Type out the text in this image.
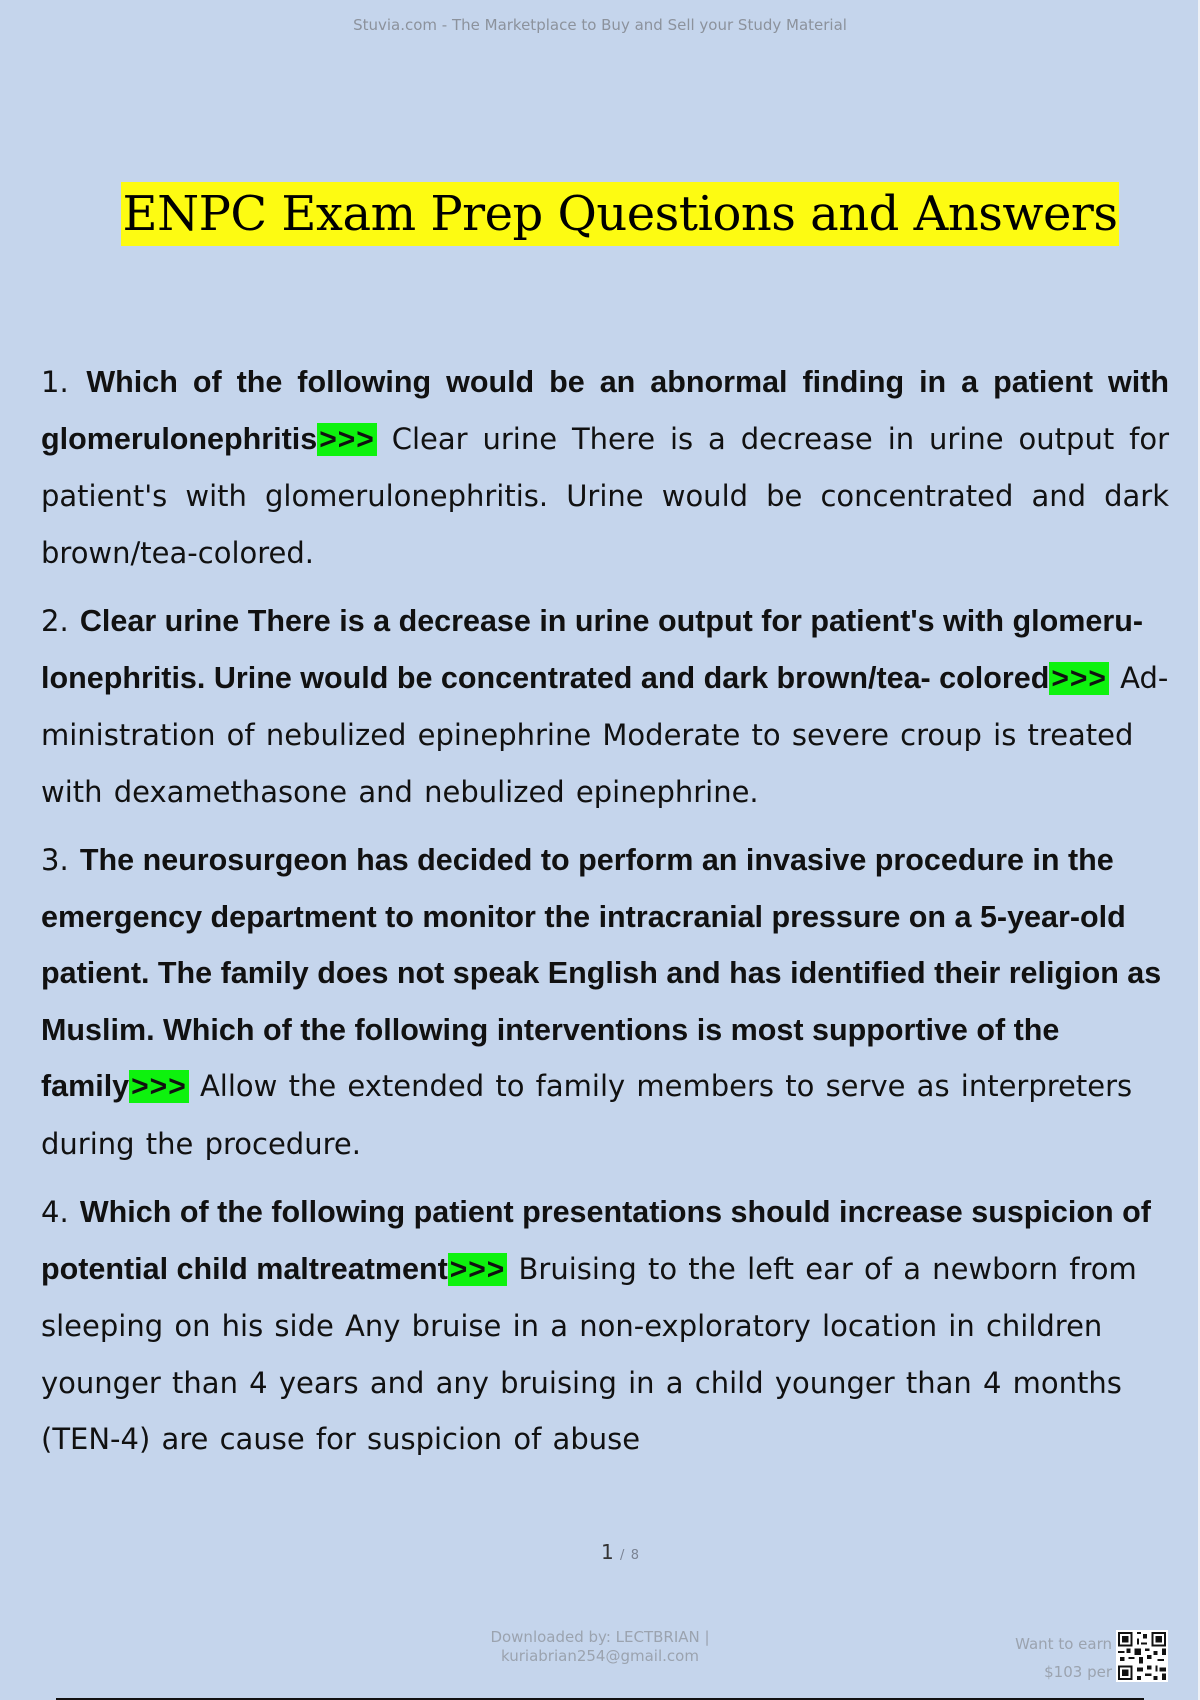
Stuvia.com - The Marketplace to Buy and Sell your Study Material
ENPC Exam Prep Questions and Answers
1. Which of the following would be an abnormal finding in a patient with glomerulonephritis>>> Clear urine There is a decrease in urine output for patient's with glomerulonephritis. Urine would be concentrated and dark brown/tea-colored.
2. Clear urine There is a decrease in urine output for patient's with glomeru- lonephritis. Urine would be concentrated and dark brown/tea- colored>>> Ad- ministration of nebulized epinephrine Moderate to severe croup is treated with dexamethasone and nebulized epinephrine.
3. The neurosurgeon has decided to perform an invasive procedure in the emergency department to monitor the intracranial pressure on a 5-year-old patient. The family does not speak English and has identified their religion as Muslim. Which of the following interventions is most supportive of the family>>> Allow the extended to family members to serve as interpreters during the procedure.
4. Which of the following patient presentations should increase suspicion of potential child maltreatment>>> Bruising to the left ear of a newborn from sleeping on his side Any bruise in a non-exploratory location in children younger than 4 years and any bruising in a child younger than 4 months (TEN-4) are cause for suspicion of abuse
1 / 8
Downloaded by: LECTBRIAN |
kuriabrian254@gmail.com
Want to earn
$103 per
